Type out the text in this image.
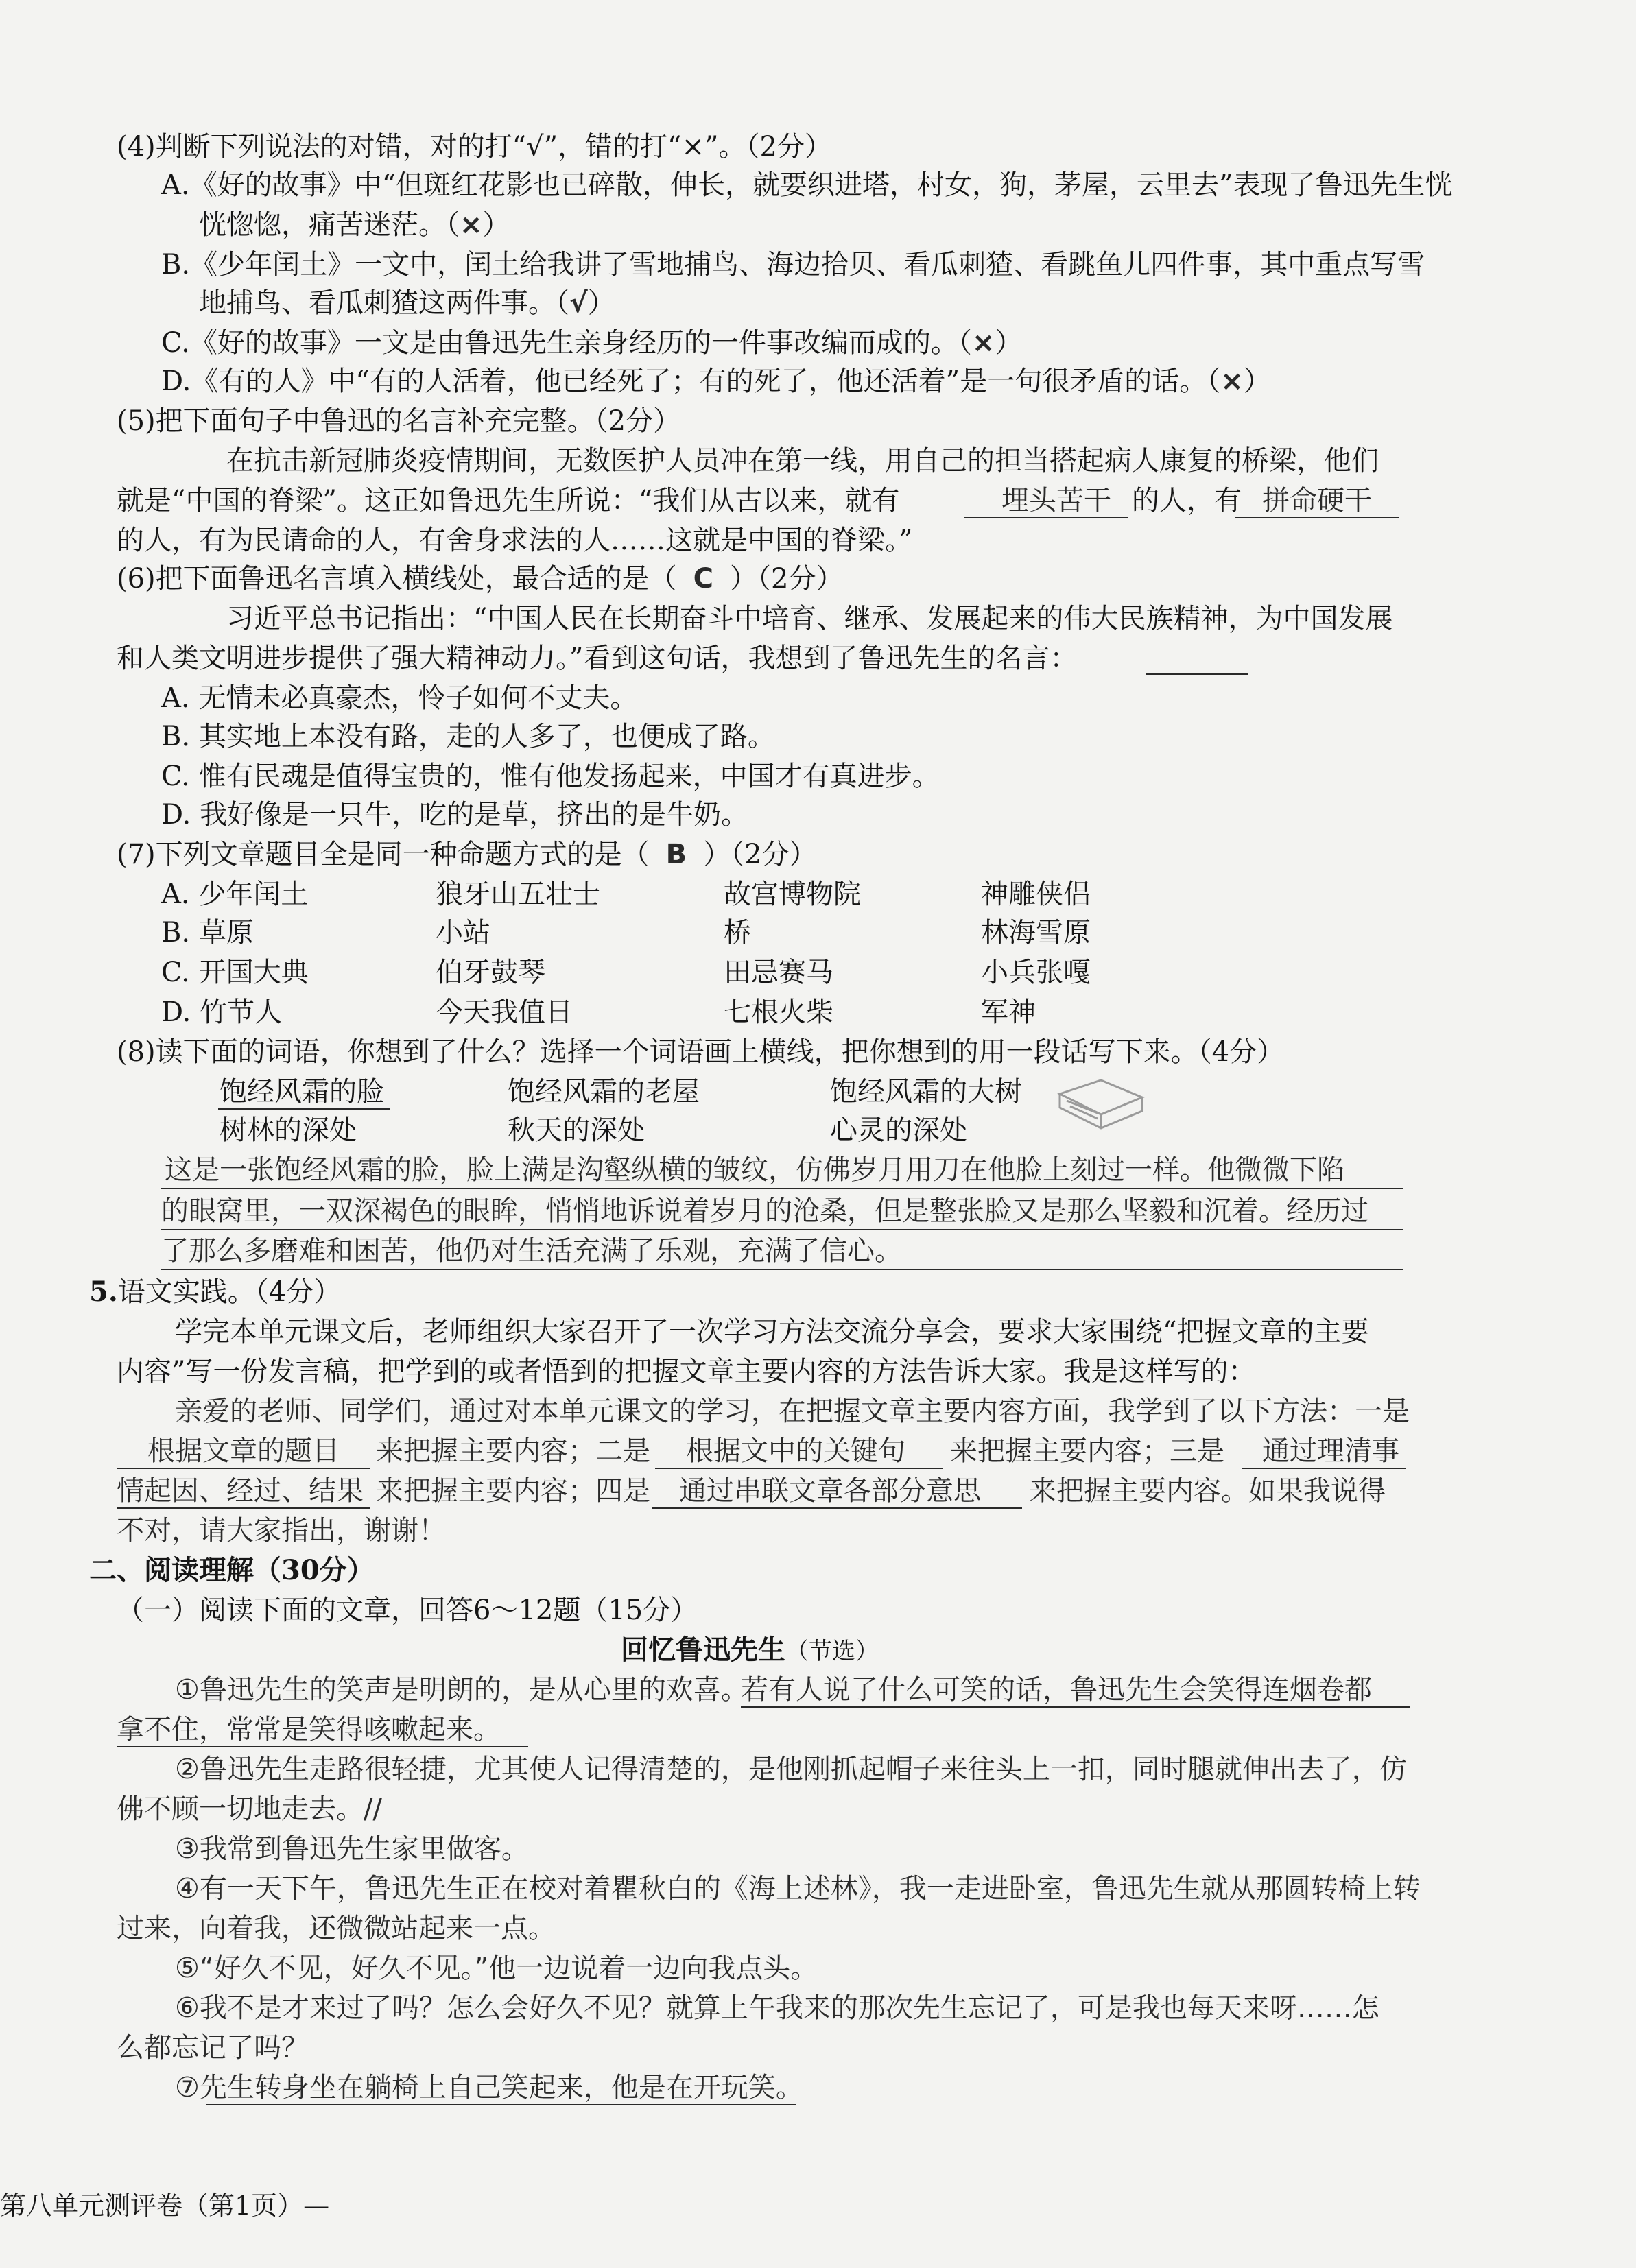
(4)判断下列说法的对错，对的打“√”，错的打“×”。（2分）
A.《好的故事》中“但斑红花影也已碎散，伸长，就要织进塔，村女，狗，茅屋，云里去”表现了鲁迅先生恍
恍惚惚，痛苦迷茫。（×）
B.《少年闰土》一文中，闰土给我讲了雪地捕鸟、海边拾贝、看瓜刺猹、看跳鱼儿四件事，其中重点写雪
地捕鸟、看瓜刺猹这两件事。（√）
C.《好的故事》一文是由鲁迅先生亲身经历的一件事改编而成的。（×）
D.《有的人》中“有的人活着，他已经死了；有的死了，他还活着”是一句很矛盾的话。（×）
(5)把下面句子中鲁迅的名言补充完整。（2分）
在抗击新冠肺炎疫情期间，无数医护人员冲在第一线，用自己的担当搭起病人康复的桥梁，他们
就是“中国的脊梁”。这正如鲁迅先生所说：“我们从古以来，就有	埋头苦干 的人，有 拼命硬干
的人，有为民请命的人，有舍身求法的人……这就是中国的脊梁。”
(6)把下面鲁迅名言填入横线处，最合适的是（ C ）（2分）
习近平总书记指出：“中国人民在长期奋斗中培育、继承、发展起来的伟大民族精神，为中国发展
和人类文明进步提供了强大精神动力。”看到这句话，我想到了鲁迅先生的名言：
A. 无情未必真豪杰，怜子如何不丈夫。
B. 其实地上本没有路，走的人多了，也便成了路。
C. 惟有民魂是值得宝贵的，惟有他发扬起来，中国才有真进步。
D. 我好像是一只牛，吃的是草，挤出的是牛奶。
(7)下列文章题目全是同一种命题方式的是（ B ）（2分）
A. 少年闰土	狼牙山五壮士	故宫博物院	神雕侠侣
B. 草原	小站	桥	林海雪原
C. 开国大典	伯牙鼓琴	田忌赛马	小兵张嘎
D. 竹节人	今天我值日	七根火柴	军神
(8)读下面的词语，你想到了什么？选择一个词语画上横线，把你想到的用一段话写下来。（4分）
饱经风霜的脸	饱经风霜的老屋	饱经风霜的大树
树林的深处	秋天的深处	心灵的深处
这是一张饱经风霜的脸，脸上满是沟壑纵横的皱纹，仿佛岁月用刀在他脸上刻过一样。他微微下陷
的眼窝里，一双深褐色的眼眸，悄悄地诉说着岁月的沧桑，但是整张脸又是那么坚毅和沉着。经历过
了那么多磨难和困苦，他仍对生活充满了乐观，充满了信心。
5.语文实践。（4分）
学完本单元课文后，老师组织大家召开了一次学习方法交流分享会，要求大家围绕“把握文章的主要
内容”写一份发言稿，把学到的或者悟到的把握文章主要内容的方法告诉大家。我是这样写的：
亲爱的老师、同学们，通过对本单元课文的学习，在把握文章主要内容方面，我学到了以下方法：一是
根据文章的题目 来把握主要内容；二是 根据文中的关键句 来把握主要内容；三是 通过理清事
情起因、经过、结果 来把握主要内容；四是 通过串联文章各部分意思 来把握主要内容。如果我说得
不对，请大家指出，谢谢！
二、阅读理解（30分）
（一）阅读下面的文章，回答6～12题（15分）
回忆鲁迅先生（节选）
①鲁迅先生的笑声是明朗的，是从心里的欢喜。
若有人说了什么可笑的话，鲁迅先生会笑得连烟卷都
拿不住，常常是笑得咳嗽起来。
②鲁迅先生走路很轻捷，尤其使人记得清楚的，是他刚抓起帽子来往头上一扣，同时腿就伸出去了，仿
佛不顾一切地走去。//
③我常到鲁迅先生家里做客。
④有一天下午，鲁迅先生正在校对着瞿秋白的《海上述林》，我一走进卧室，鲁迅先生就从那圆转椅上转
过来，向着我，还微微站起来一点。
⑤“好久不见，好久不见。”他一边说着一边向我点头。
⑥我不是才来过了吗？怎么会好久不见？就算上午我来的那次先生忘记了，可是我也每天来呀……怎
么都忘记了吗？
⑦先生转身坐在躺椅上自己笑起来，他是在开玩笑。
第八单元测评卷（第1页）—
